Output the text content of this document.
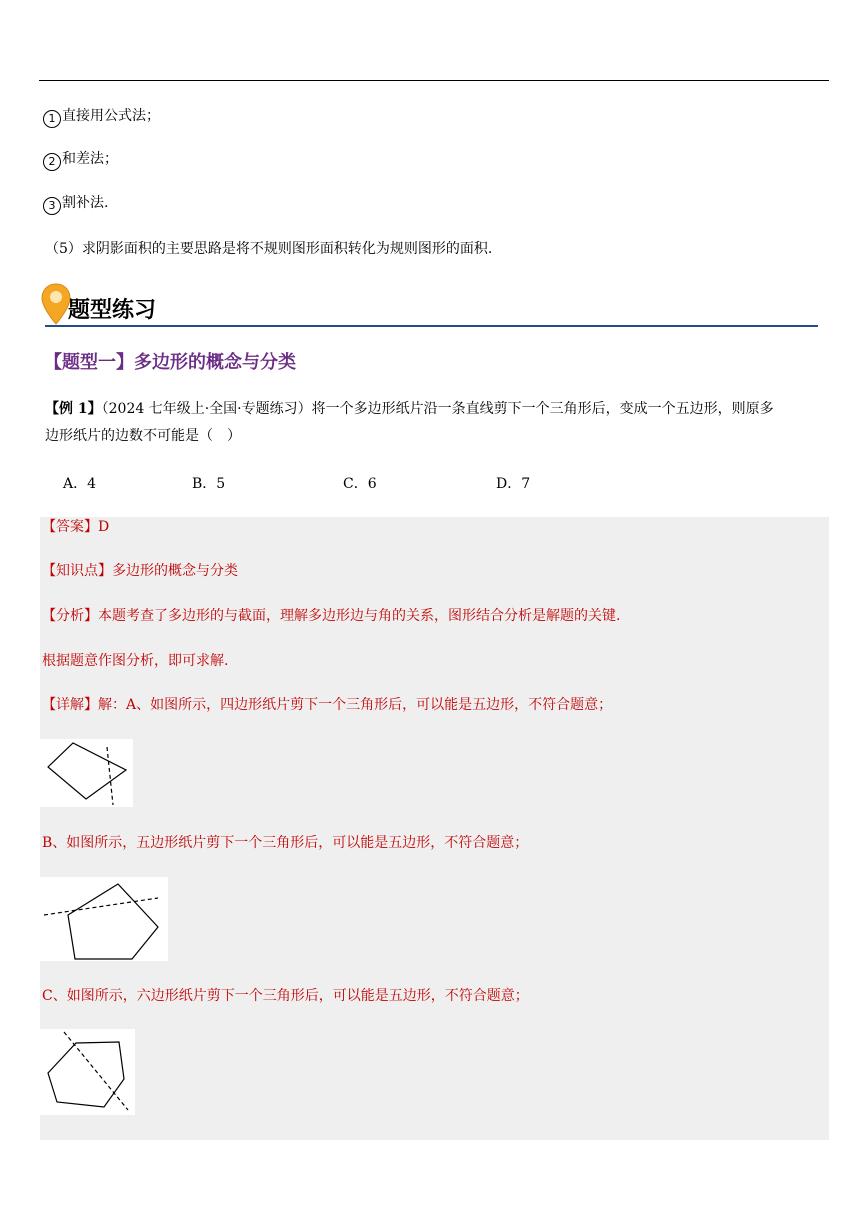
1 直接用公式法；
2 和差法；
3 割补法.
（5）求阴影面积的主要思路是将不规则图形面积转化为规则图形的面积.
题型练习
【题型一】多边形的概念与分类
【例 1】（2024 七年级上·全国·专题练习）将一个多边形纸片沿一条直线剪下一个三角形后，变成一个五边形，则原多
边形纸片的边数不可能是（　）
A．4	B．5	C．6	D．7
【答案】D
【知识点】多边形的概念与分类
【分析】本题考查了多边形的与截面，理解多边形边与角的关系，图形结合分析是解题的关键.
根据题意作图分析，即可求解.
【详解】解：A、如图所示，四边形纸片剪下一个三角形后，可以能是五边形，不符合题意；
B、如图所示，五边形纸片剪下一个三角形后，可以能是五边形，不符合题意；
C、如图所示，六边形纸片剪下一个三角形后，可以能是五边形，不符合题意；
